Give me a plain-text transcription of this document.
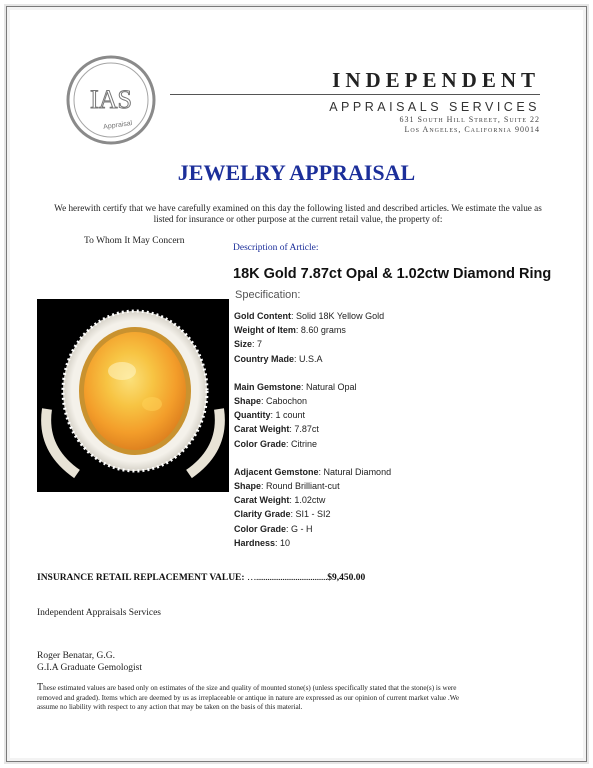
IAS
Appraisal
INDEPENDENT
APPRAISALS SERVICES
631 South Hill Street, Suite 22
Los Angeles, California 90014
JEWELRY APPRAISAL
We herewith certify that we have carefully examined on this day the following listed and described articles. We estimate the value as listed for insurance or other purpose at the current retail value, the property of:
To Whom It May Concern
Description of Article:
18K Gold 7.87ct Opal & 1.02ctw Diamond Ring
Specification:
Gold Content: Solid 18K Yellow Gold
Weight of Item: 8.60 grams
Size: 7
Country Made: U.S.A
Main Gemstone: Natural Opal
Shape: Cabochon
Quantity: 1 count
Carat Weight: 7.87ct
Color Grade: Citrine
Adjacent Gemstone: Natural Diamond
Shape: Round Brilliant-cut
Carat Weight: 1.02ctw
Clarity Grade: SI1 - SI2
Color Grade: G - H
Hardness: 10
INSURANCE RETAIL REPLACEMENT VALUE: …......................................$9,450.00
Independent Appraisals Services
Roger Benatar, G.G.
G.I.A Graduate Gemologist
These estimated values are based only on estimates of the size and quality of mounted stone(s) (unless specifically stated that the stone(s) is were removed and graded). Items which are deemed by us as irreplaceable or antique in nature are expressed as our opinion of current market value .We assume no liability with respect to any action that may be taken on the basis of this material.
